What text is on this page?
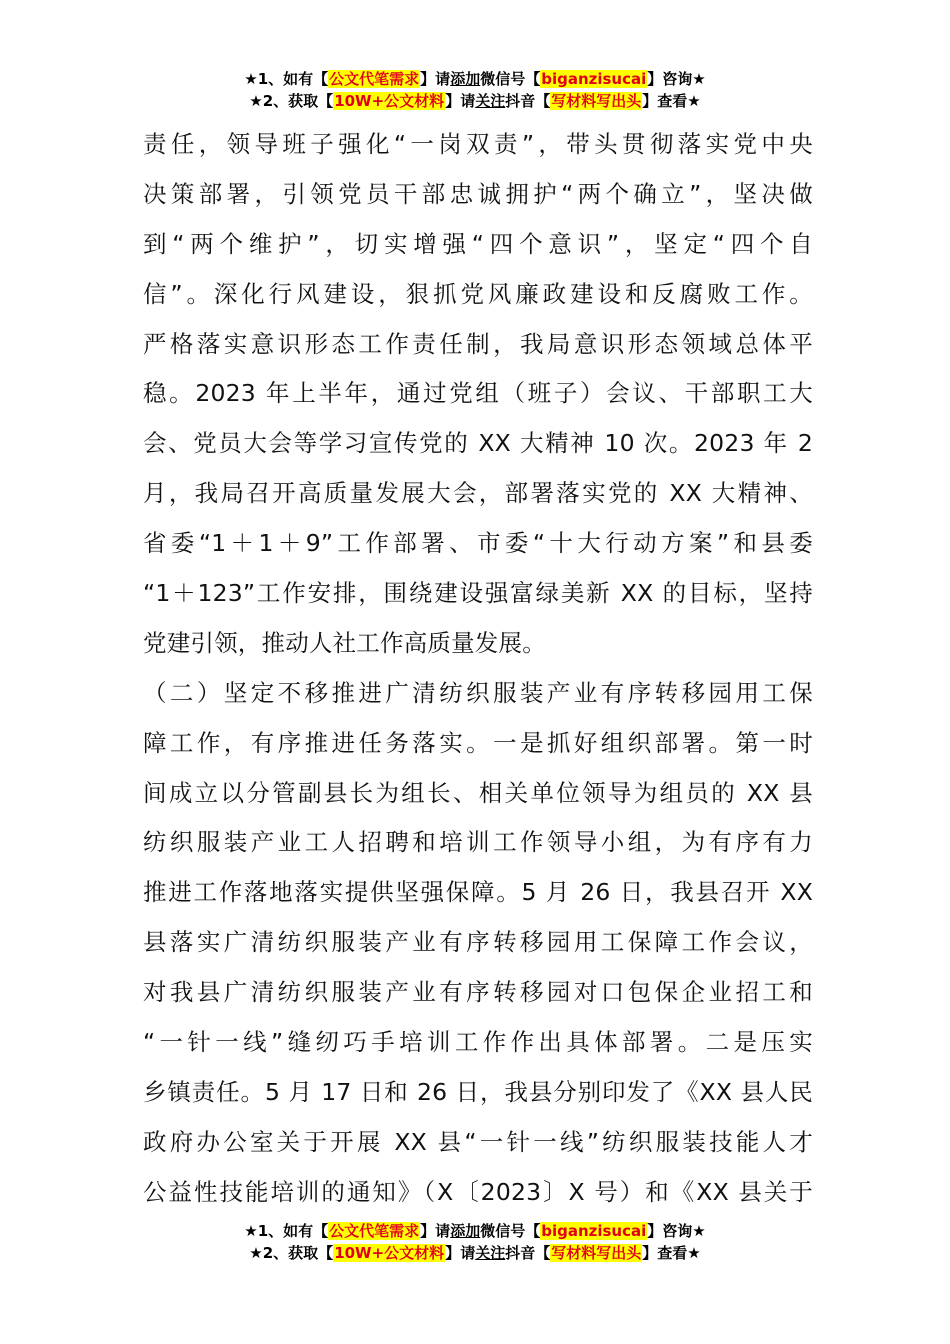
★1、如有【公文代笔需求】请添加微信号【biganzisucai】咨询★
★2、获取【10W+公文材料】请关注抖音【写材料写出头】查看★
责任，领导班子强化“一岗双责”，带头贯彻落实党中央
决策部署，引领党员干部忠诚拥护“两个确立”，坚决做
到“两个维护”，切实增强“四个意识”，坚定“四个自
信”。深化行风建设，狠抓党风廉政建设和反腐败工作。
严格落实意识形态工作责任制，我局意识形态领域总体平
稳。2023 年上半年，通过党组（班子）会议、干部职工大
会、党员大会等学习宣传党的 XX 大精神 10 次。2023 年 2
月，我局召开高质量发展大会，部署落实党的 XX 大精神、
省委“1＋1＋9”工作部署、市委“十大行动方案”和县委
“1＋123”工作安排，围绕建设强富绿美新 XX 的目标，坚持
党建引领，推动人社工作高质量发展。
（二）坚定不移推进广清纺织服装产业有序转移园用工保
障工作，有序推进任务落实。一是抓好组织部署。第一时
间成立以分管副县长为组长、相关单位领导为组员的 XX 县
纺织服装产业工人招聘和培训工作领导小组，为有序有力
推进工作落地落实提供坚强保障。5 月 26 日，我县召开 XX
县落实广清纺织服装产业有序转移园用工保障工作会议，
对我县广清纺织服装产业有序转移园对口包保企业招工和
“一针一线”缝纫巧手培训工作作出具体部署。二是压实
乡镇责任。5 月 17 日和 26 日，我县分别印发了《XX 县人民
政府办公室关于开展 XX 县“一针一线”纺织服装技能人才
公益性技能培训的通知》（X〔2023〕X 号）和《XX 县关于
★1、如有【公文代笔需求】请添加微信号【biganzisucai】咨询★
★2、获取【10W+公文材料】请关注抖音【写材料写出头】查看★
